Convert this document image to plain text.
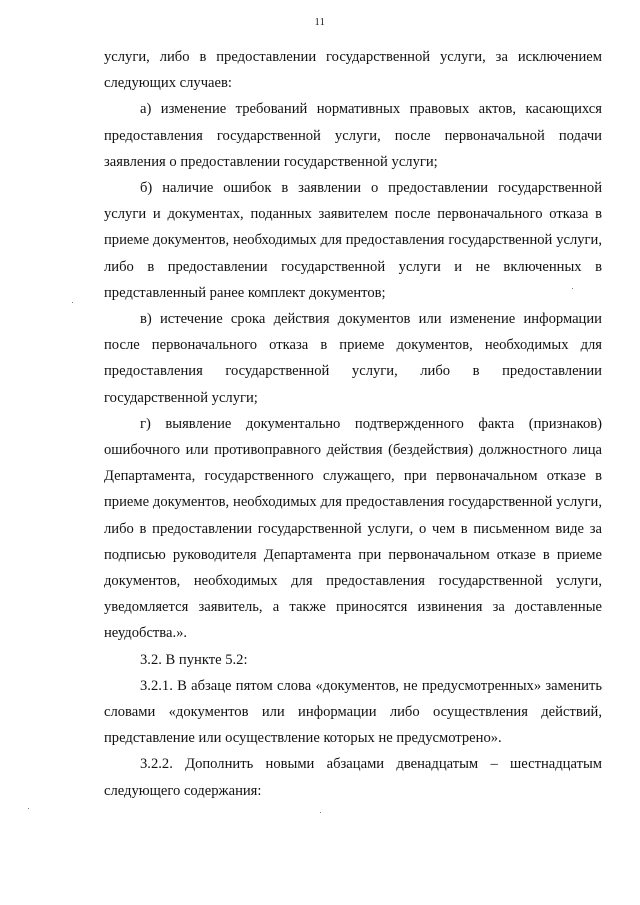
11

услуги, либо в предоставлении государственной услуги, за исключением следующих случаев:

а) изменение требований нормативных правовых актов, касающихся предоставления государственной услуги, после первоначальной подачи заявления о предоставлении государственной услуги;

б) наличие ошибок в заявлении о предоставлении государственной услуги и документах, поданных заявителем после первоначального отказа в приеме документов, необходимых для предоставления государственной услуги, либо в предоставлении государственной услуги и не включенных в представленный ранее комплект документов;

в) истечение срока действия документов или изменение информации после первоначального отказа в приеме документов, необходимых для предоставления государственной услуги, либо в предоставлении государственной услуги;

г) выявление документально подтвержденного факта (признаков) ошибочного или противоправного действия (бездействия) должностного лица Департамента, государственного служащего, при первоначальном отказе в приеме документов, необходимых для предоставления государственной услуги, либо в предоставлении государственной услуги, о чем в письменном виде за подписью руководителя Департамента при первоначальном отказе в приеме документов, необходимых для предоставления государственной услуги, уведомляется заявитель, а также приносятся извинения за доставленные неудобства.».

3.2. В пункте 5.2:

3.2.1. В абзаце пятом слова «документов, не предусмотренных» заменить словами «документов или информации либо осуществления действий, представление или осуществление которых не предусмотрено».

3.2.2. Дополнить новыми абзацами двенадцатым – шестнадцатым следующего содержания:
